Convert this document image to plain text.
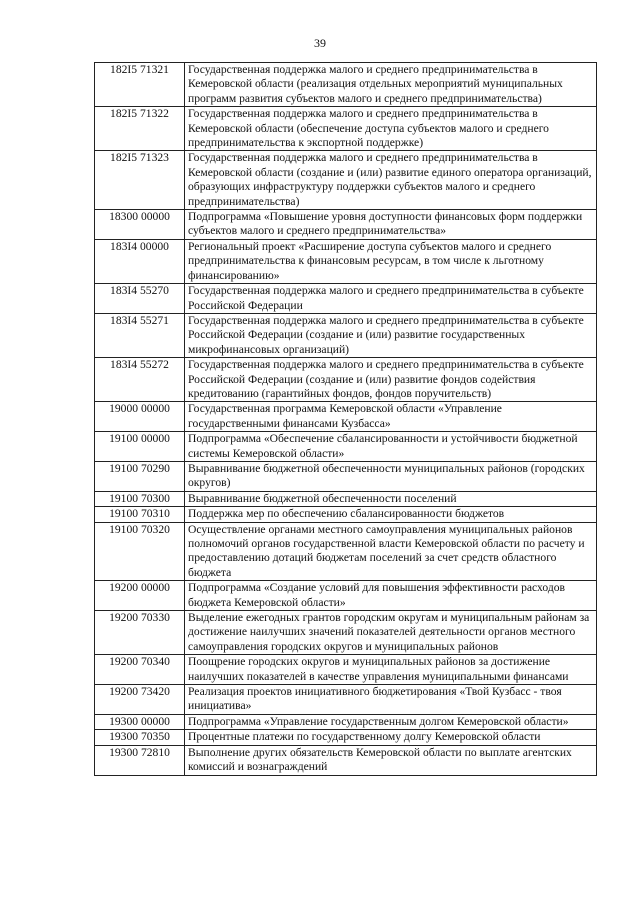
39
182I5 71321	Государственная поддержка малого и среднего предпринимательства в Кемеровской области (реализация отдельных мероприятий муниципальных программ развития субъектов малого и среднего предпринимательства)
182I5 71322	Государственная поддержка малого и среднего предпринимательства в Кемеровской области (обеспечение доступа субъектов малого и среднего предпринимательства к экспортной поддержке)
182I5 71323	Государственная поддержка малого и среднего предпринимательства в Кемеровской области (создание и (или) развитие единого оператора организаций, образующих инфраструктуру поддержки субъектов малого и среднего предпринимательства)
18300 00000	Подпрограмма «Повышение уровня доступности финансовых форм поддержки субъектов малого и среднего предпринимательства»
183I4 00000	Региональный проект «Расширение доступа субъектов малого и среднего предпринимательства к финансовым ресурсам, в том числе к льготному финансированию»
183I4 55270	Государственная поддержка малого и среднего предпринимательства в субъекте Российской Федерации
183I4 55271	Государственная поддержка малого и среднего предпринимательства в субъекте Российской Федерации (создание и (или) развитие государственных микрофинансовых организаций)
183I4 55272	Государственная поддержка малого и среднего предпринимательства в субъекте Российской Федерации (создание и (или) развитие фондов содействия кредитованию (гарантийных фондов, фондов поручительств)
19000 00000	Государственная программа Кемеровской области «Управление государственными финансами Кузбасса»
19100 00000	Подпрограмма «Обеспечение сбалансированности и устойчивости бюджетной системы Кемеровской области»
19100 70290	Выравнивание бюджетной обеспеченности муниципальных районов (городских округов)
19100 70300	Выравнивание бюджетной обеспеченности поселений
19100 70310	Поддержка мер по обеспечению сбалансированности бюджетов
19100 70320	Осуществление органами местного самоуправления муниципальных районов полномочий органов государственной власти Кемеровской области по расчету и предоставлению дотаций бюджетам поселений за счет средств областного бюджета
19200 00000	Подпрограмма «Создание условий для повышения эффективности расходов бюджета Кемеровской области»
19200 70330	Выделение ежегодных грантов городским округам и муниципальным районам за достижение наилучших значений показателей деятельности органов местного самоуправления городских округов и муниципальных районов
19200 70340	Поощрение городских округов и муниципальных районов за достижение наилучших показателей в качестве управления муниципальными финансами
19200 73420	Реализация проектов инициативного бюджетирования «Твой Кузбасс - твоя инициатива»
19300 00000	Подпрограмма «Управление государственным долгом Кемеровской области»
19300 70350	Процентные платежи по государственному долгу Кемеровской области
19300 72810	Выполнение других обязательств Кемеровской области по выплате агентских комиссий и вознаграждений
